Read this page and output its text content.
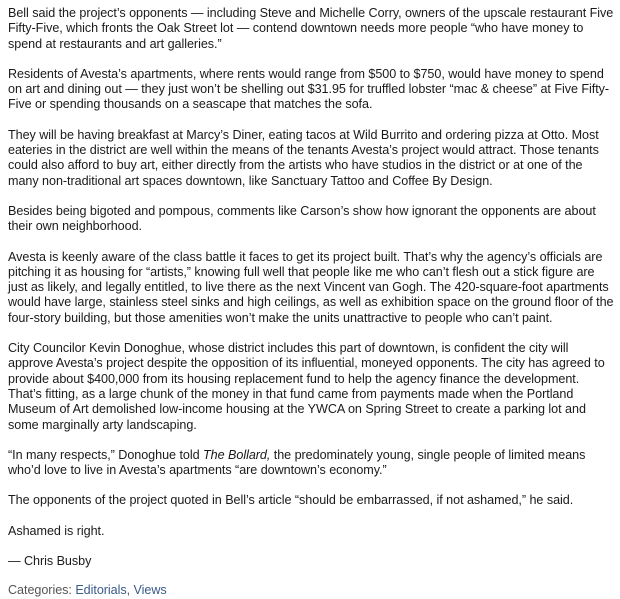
Bell said the project’s opponents — including Steve and Michelle Corry, owners of the upscale restaurant Five Fifty-Five, which fronts the Oak Street lot — contend downtown needs more people “who have money to spend at restaurants and art galleries.”

Residents of Avesta’s apartments, where rents would range from $500 to $750, would have money to spend on art and dining out — they just won’t be shelling out $31.95 for truffled lobster “mac & cheese” at Five Fifty-Five or spending thousands on a seascape that matches the sofa.

They will be having breakfast at Marcy’s Diner, eating tacos at Wild Burrito and ordering pizza at Otto. Most eateries in the district are well within the means of the tenants Avesta’s project would attract. Those tenants could also afford to buy art, either directly from the artists who have studios in the district or at one of the many non-traditional art spaces downtown, like Sanctuary Tattoo and Coffee By Design.

Besides being bigoted and pompous, comments like Carson’s show how ignorant the opponents are about their own neighborhood.

Avesta is keenly aware of the class battle it faces to get its project built. That’s why the agency’s officials are pitching it as housing for “artists,” knowing full well that people like me who can’t flesh out a stick figure are just as likely, and legally entitled, to live there as the next Vincent van Gogh. The 420-square-foot apartments would have large, stainless steel sinks and high ceilings, as well as exhibition space on the ground floor of the four-story building, but those amenities won’t make the units unattractive to people who can’t paint.

City Councilor Kevin Donoghue, whose district includes this part of downtown, is confident the city will approve Avesta’s project despite the opposition of its influential, moneyed opponents. The city has agreed to provide about $400,000 from its housing replacement fund to help the agency finance the development. That’s fitting, as a large chunk of the money in that fund came from payments made when the Portland Museum of Art demolished low-income housing at the YWCA on Spring Street to create a parking lot and some marginally arty landscaping.

“In many respects,” Donoghue told The Bollard, the predominately young, single people of limited means who’d love to live in Avesta’s apartments “are downtown’s economy.”

The opponents of the project quoted in Bell’s article “should be embarrassed, if not ashamed,” he said.

Ashamed is right.

— Chris Busby

Categories: Editorials, Views
